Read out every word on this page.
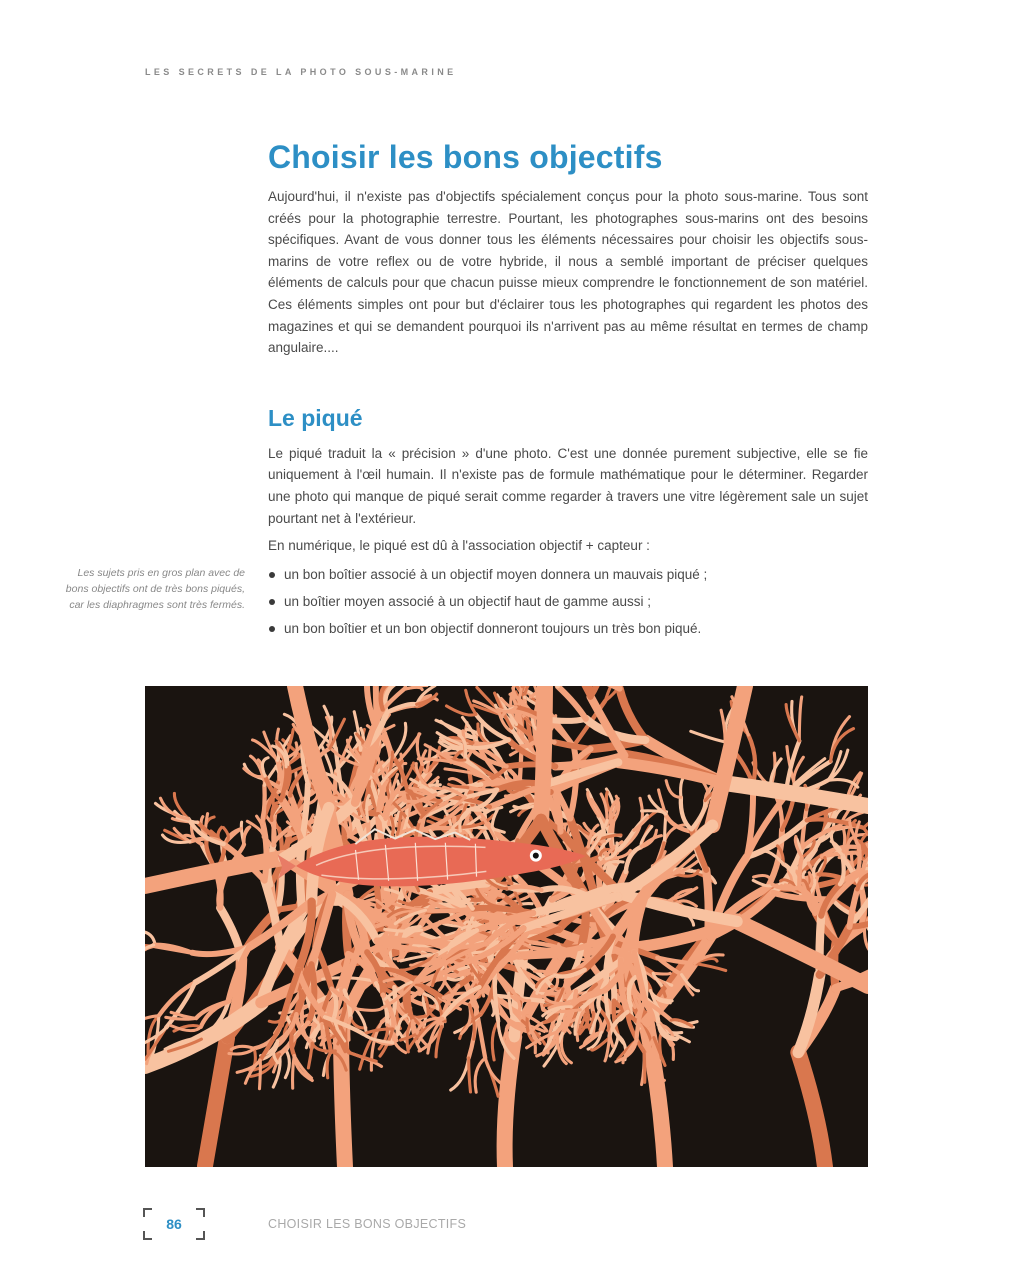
LES SECRETS DE LA PHOTO SOUS-MARINE
Les sujets pris en gros plan avec de bons objectifs ont de très bons piqués, car les diaphragmes sont très fermés.
Choisir les bons objectifs

Aujourd'hui, il n'existe pas d'objectifs spécialement conçus pour la photo sous-marine. Tous sont créés pour la photographie terrestre. Pourtant, les photographes sous-marins ont des besoins spécifiques. Avant de vous donner tous les éléments nécessaires pour choisir les objectifs sous-marins de votre reflex ou de votre hybride, il nous a semblé important de préciser quelques éléments de calculs pour que chacun puisse mieux comprendre le fonctionnement de son matériel. Ces éléments simples ont pour but d'éclairer tous les photographes qui regardent les photos des magazines et qui se demandent pourquoi ils n'arrivent pas au même résultat en termes de champ angulaire....

Le piqué

Le piqué traduit la « précision » d'une photo. C'est une donnée purement subjective, elle se fie uniquement à l'œil humain. Il n'existe pas de formule mathématique pour le déterminer. Regarder une photo qui manque de piqué serait comme regarder à travers une vitre légèrement sale un sujet pourtant net à l'extérieur.

En numérique, le piqué est dû à l'association objectif + capteur :

un bon boîtier associé à un objectif moyen donnera un mauvais piqué ;
un boîtier moyen associé à un objectif haut de gamme aussi ;
un bon boîtier et un bon objectif donneront toujours un très bon piqué.
86	CHOISIR LES BONS OBJECTIFS
